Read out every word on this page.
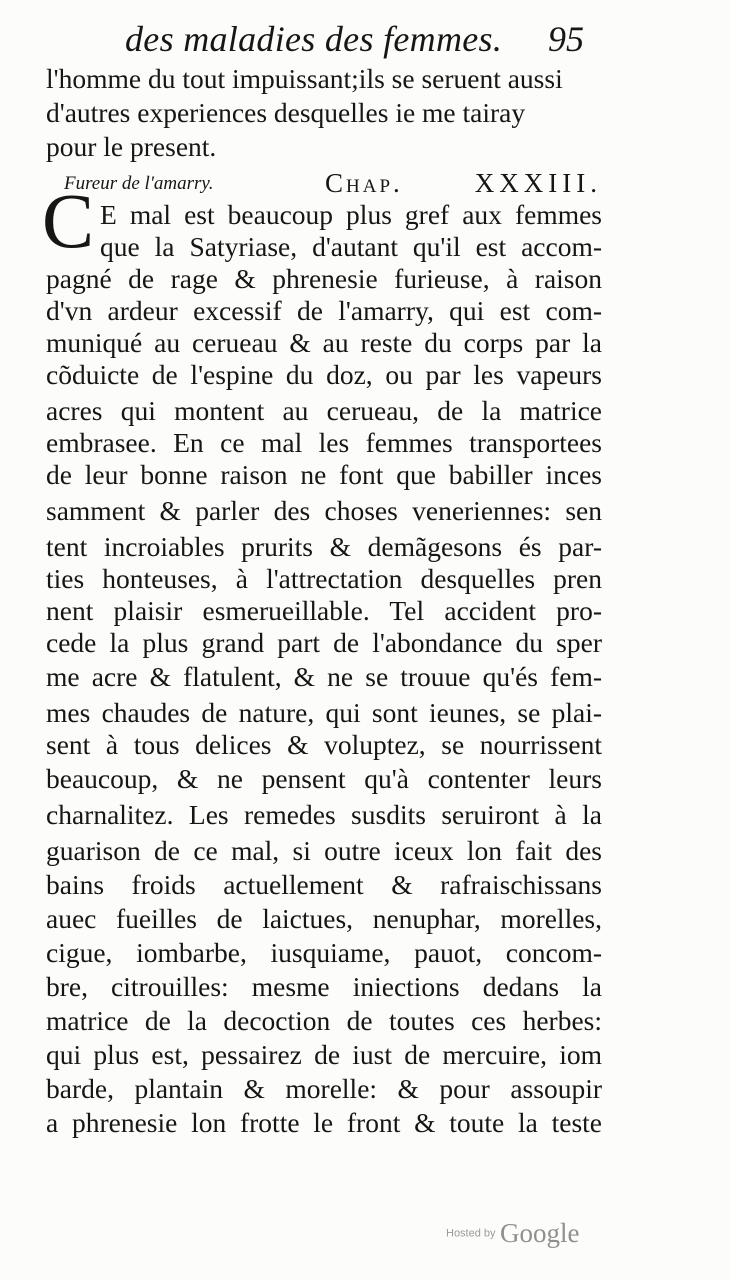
des maladies des femmes. 95
l'homme du tout impuissant;ils se seruent aussi
d'autres experiences desquelles ie me tairay
pour le present.
Fureur de l'amarry.	Chap.	XXXIII.
C E mal est beaucoup plus gref aux femmes
que la Satyriase, d'autant qu'il est accom-
pagné de rage & phrenesie furieuse, à raison
d'vn ardeur excessif de l'amarry, qui est com-
muniqué au cerueau & au reste du corps par la
cõduicte de l'espine du doz, ou par les vapeurs
acres qui montent au cerueau, de la matrice
embrasee. En ce mal les femmes transportees
de leur bonne raison ne font que babiller inces
samment & parler des choses veneriennes: sen
tent incroiables prurits & demãgesons és par-
ties honteuses, à l'attrectation desquelles pren
nent plaisir esmerueillable. Tel accident pro-
cede la plus grand part de l'abondance du sper
me acre & flatulent, & ne se trouue qu'és fem-
mes chaudes de nature, qui sont ieunes, se plai-
sent à tous delices & voluptez, se nourrissent
beaucoup, & ne pensent qu'à contenter leurs
charnalitez. Les remedes susdits seruiront à la
guarison de ce mal, si outre iceux lon fait des
bains froids actuellement & rafraischissans
auec fueilles de laictues, nenuphar, morelles,
cigue, iombarbe, iusquiame, pauot, concom-
bre, citrouilles: mesme iniections dedans la
matrice de la decoction de toutes ces herbes:
qui plus est, pessairez de iust de mercuire, iom
barde, plantain & morelle: & pour assoupir
a phrenesie lon frotte le front & toute la teste
Hosted by Google
